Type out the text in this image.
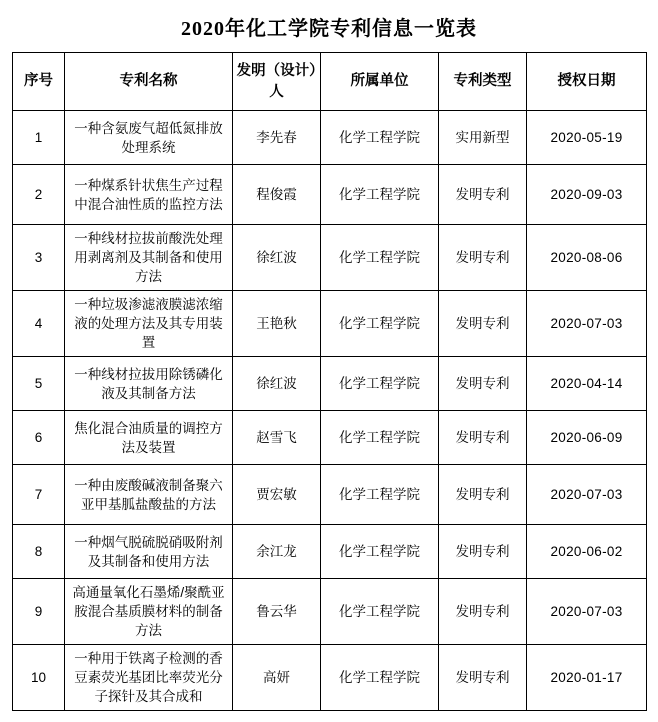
2020年化工学院专利信息一览表
序号	专利名称	发明（设计）人	所属单位	专利类型	授权日期
1	一种含氨废气超低氮排放处理系统	李先春	化学工程学院	实用新型	2020-05-19
2	一种煤系针状焦生产过程中混合油性质的监控方法	程俊霞	化学工程学院	发明专利	2020-09-03
3	一种线材拉拔前酸洗处理用剥离剂及其制备和使用方法	徐红波	化学工程学院	发明专利	2020-08-06
4	一种垃圾渗滤液膜滤浓缩液的处理方法及其专用装置	王艳秋	化学工程学院	发明专利	2020-07-03
5	一种线材拉拔用除锈磷化液及其制备方法	徐红波	化学工程学院	发明专利	2020-04-14
6	焦化混合油质量的调控方法及装置	赵雪飞	化学工程学院	发明专利	2020-06-09
7	一种由废酸碱液制备聚六亚甲基胍盐酸盐的方法	贾宏敏	化学工程学院	发明专利	2020-07-03
8	一种烟气脱硫脱硝吸附剂及其制备和使用方法	余江龙	化学工程学院	发明专利	2020-06-02
9	高通量氧化石墨烯/聚酰亚胺混合基质膜材料的制备方法	鲁云华	化学工程学院	发明专利	2020-07-03
10	一种用于铁离子检测的香豆素荧光基团比率荧光分子探针及其合成和	高妍	化学工程学院	发明专利	2020-01-17
